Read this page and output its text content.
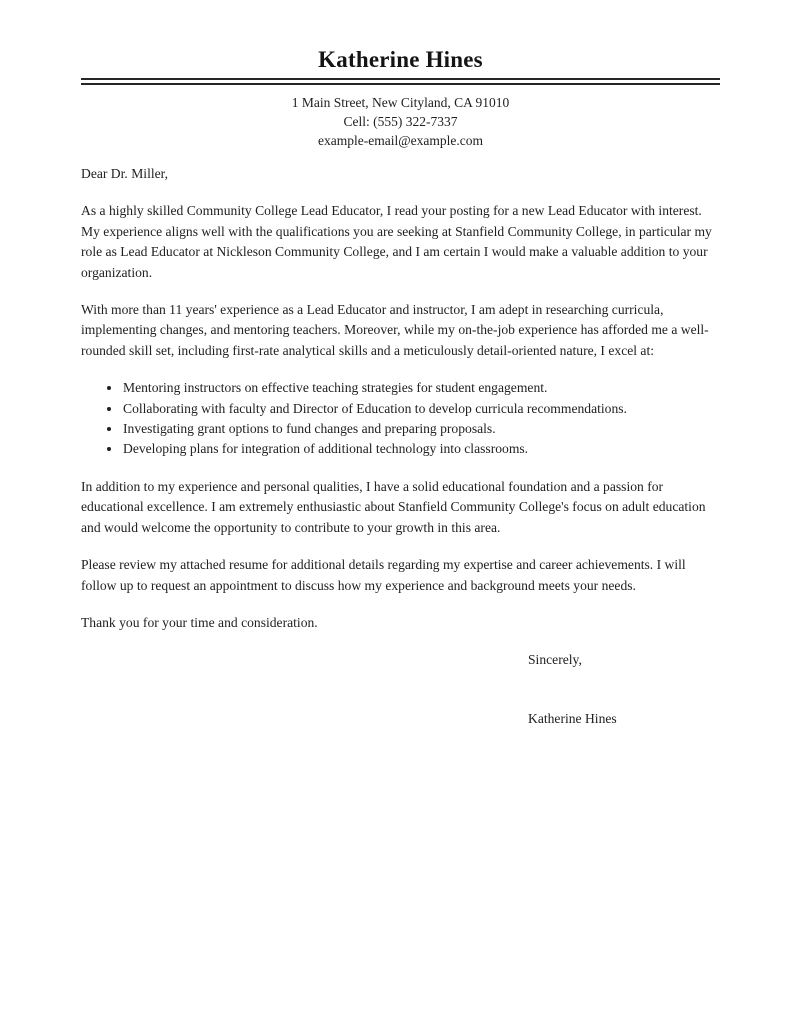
Katherine Hines
1 Main Street, New Cityland, CA 91010
Cell: (555) 322-7337
example-email@example.com

Dear Dr. Miller,

As a highly skilled Community College Lead Educator, I read your posting for a new Lead Educator with interest. My experience aligns well with the qualifications you are seeking at Stanfield Community College, in particular my role as Lead Educator at Nickleson Community College, and I am certain I would make a valuable addition to your organization.

With more than 11 years' experience as a Lead Educator and instructor, I am adept in researching curricula, implementing changes, and mentoring teachers. Moreover, while my on-the-job experience has afforded me a well-rounded skill set, including first-rate analytical skills and a meticulously detail-oriented nature, I excel at:

• Mentoring instructors on effective teaching strategies for student engagement.
• Collaborating with faculty and Director of Education to develop curricula recommendations.
• Investigating grant options to fund changes and preparing proposals.
• Developing plans for integration of additional technology into classrooms.

In addition to my experience and personal qualities, I have a solid educational foundation and a passion for educational excellence. I am extremely enthusiastic about Stanfield Community College's focus on adult education and would welcome the opportunity to contribute to your growth in this area.

Please review my attached resume for additional details regarding my expertise and career achievements. I will follow up to request an appointment to discuss how my experience and background meets your needs.

Thank you for your time and consideration.

Sincerely,

Katherine Hines
